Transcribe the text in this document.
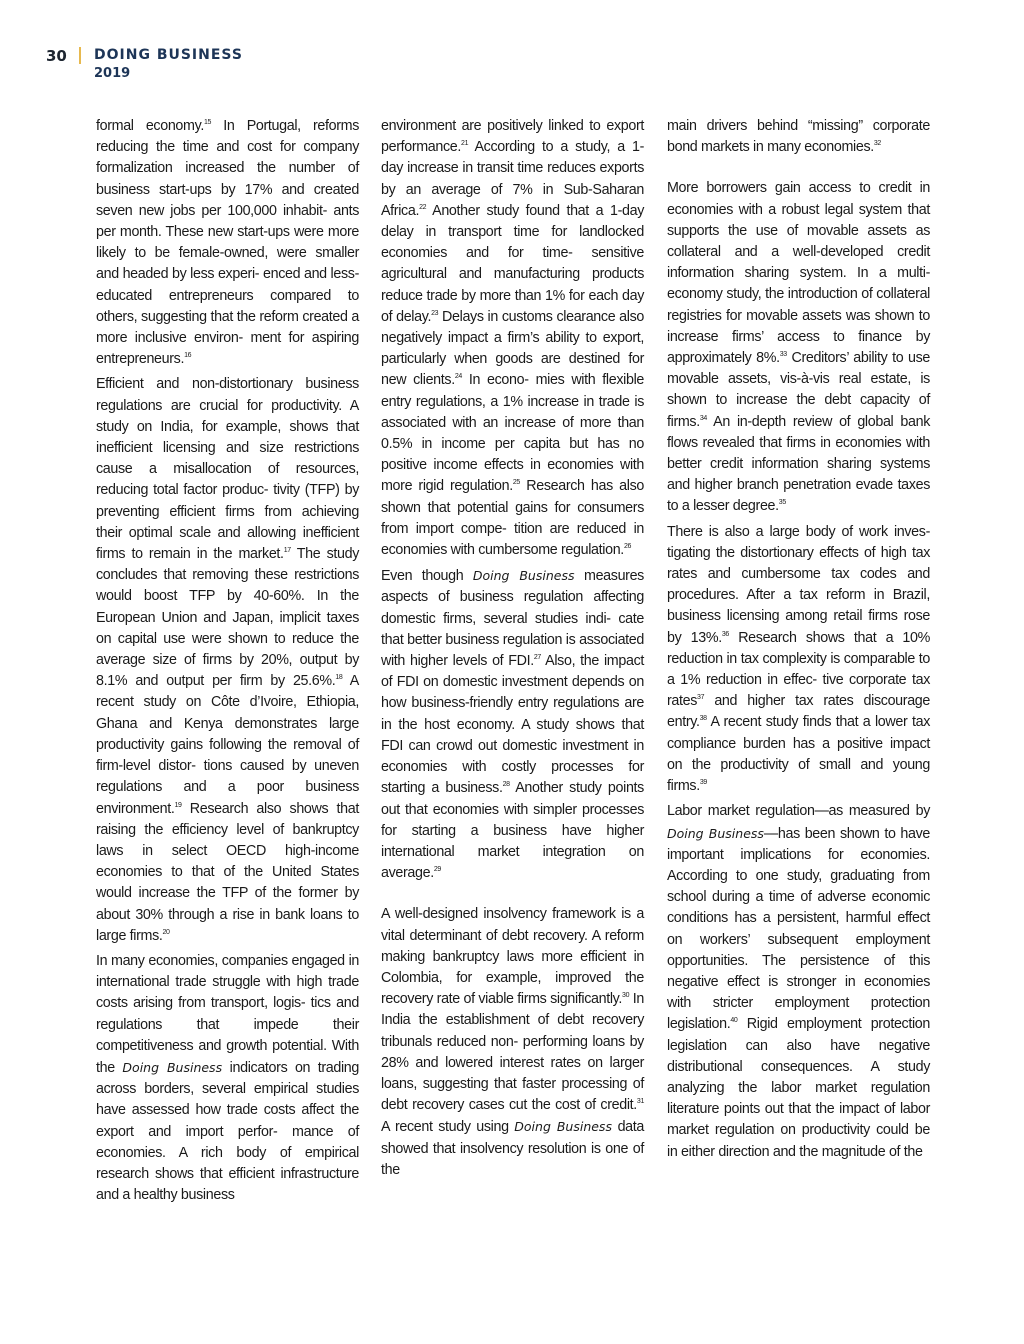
30 DOING BUSINESS
2019

formal economy.$^{15}$ In Portugal, reforms reducing the time and cost for company formalization increased the number of business start-ups by 17% and created seven new jobs per 100,000 inhabit- ants per month. These new start-ups were more likely to be female-owned, were smaller and headed by less experi- enced and less-educated entrepreneurs compared to others, suggesting that the reform created a more inclusive environ- ment for aspiring entrepreneurs.$^{16}$

Efficient and non-distortionary business regulations are crucial for productivity. A study on India, for example, shows that inefficient licensing and size restrictions cause a misallocation of resources, reducing total factor produc- tivity (TFP) by preventing efficient firms from achieving their optimal scale and allowing inefficient firms to remain in the market.$^{17}$ The study concludes that removing these restrictions would boost TFP by 40-60%. In the European Union and Japan, implicit taxes on capital use were shown to reduce the average size of firms by 20%, output by 8.1% and output per firm by 25.6%.$^{18}$ A recent study on Côte d’Ivoire, Ethiopia, Ghana and Kenya demonstrates large productivity gains following the removal of firm-level distor- tions caused by uneven regulations and a poor business environment.$^{19}$ Research also shows that raising the efficiency level of bankruptcy laws in select OECD high-income economies to that of the United States would increase the TFP of the former by about 30% through a rise in bank loans to large firms.$^{20}$

In many economies, companies engaged in international trade struggle with high trade costs arising from transport, logis- tics and regulations that impede their competitiveness and growth potential. With the Doing Business indicators on trading across borders, several empirical studies have assessed how trade costs affect the export and import perfor- mance of economies. A rich body of empirical research shows that efficient infrastructure and a healthy business

environment are positively linked to export performance.$^{21}$ According to a study, a 1-day increase in transit time reduces exports by an average of 7% in Sub-Saharan Africa.$^{22}$ Another study found that a 1-day delay in transport time for landlocked economies and for time- sensitive agricultural and manufacturing products reduce trade by more than 1% for each day of delay.$^{23}$ Delays in customs clearance also negatively impact a firm’s ability to export, particularly when goods are destined for new clients.$^{24}$ In econo- mies with flexible entry regulations, a 1% increase in trade is associated with an increase of more than 0.5% in income per capita but has no positive income effects in economies with more rigid regulation.$^{25}$ Research has also shown that potential gains for consumers from import compe- tition are reduced in economies with cumbersome regulation.$^{26}$

Even though Doing Business measures aspects of business regulation affecting domestic firms, several studies indi- cate that better business regulation is associated with higher levels of FDI.$^{27}$ Also, the impact of FDI on domestic investment depends on how business-friendly entry regulations are in the host economy. A study shows that FDI can crowd out domestic investment in economies with costly processes for starting a business.$^{28}$ Another study points out that economies with simpler processes for starting a business have higher international market integration on average.$^{29}$

A well-designed insolvency framework is a vital determinant of debt recovery. A reform making bankruptcy laws more efficient in Colombia, for example, improved the recovery rate of viable firms significantly.$^{30}$ In India the establishment of debt recovery tribunals reduced non- performing loans by 28% and lowered interest rates on larger loans, suggesting that faster processing of debt recovery cases cut the cost of credit.$^{31}$ A recent study using Doing Business data showed that insolvency resolution is one of the

main drivers behind “missing” corporate bond markets in many economies.$^{32}$

More borrowers gain access to credit in economies with a robust legal system that supports the use of movable assets as collateral and a well-developed credit information sharing system. In a multi- economy study, the introduction of collateral registries for movable assets was shown to increase firms’ access to finance by approximately 8%.$^{33}$ Creditors’ ability to use movable assets, vis-à-vis real estate, is shown to increase the debt capacity of firms.$^{34}$ An in-depth review of global bank flows revealed that firms in economies with better credit information sharing systems and higher branch penetration evade taxes to a lesser degree.$^{35}$

There is also a large body of work inves- tigating the distortionary effects of high tax rates and cumbersome tax codes and procedures. After a tax reform in Brazil, business licensing among retail firms rose by 13%.$^{36}$ Research shows that a 10% reduction in tax complexity is comparable to a 1% reduction in effec- tive corporate tax rates$^{37}$ and higher tax rates discourage entry.$^{38}$ A recent study finds that a lower tax compliance burden has a positive impact on the productivity of small and young firms.$^{39}$

Labor market regulation—as measured by Doing Business—has been shown to have important implications for economies. According to one study, graduating from school during a time of adverse economic conditions has a persistent, harmful effect on workers’ subsequent employment opportunities. The persistence of this negative effect is stronger in economies with stricter employment protection legislation.$^{40}$ Rigid employment protection legislation can also have negative distributional consequences. A study analyzing the labor market regulation literature points out that the impact of labor market regulation on productivity could be in either direction and the magnitude of the
